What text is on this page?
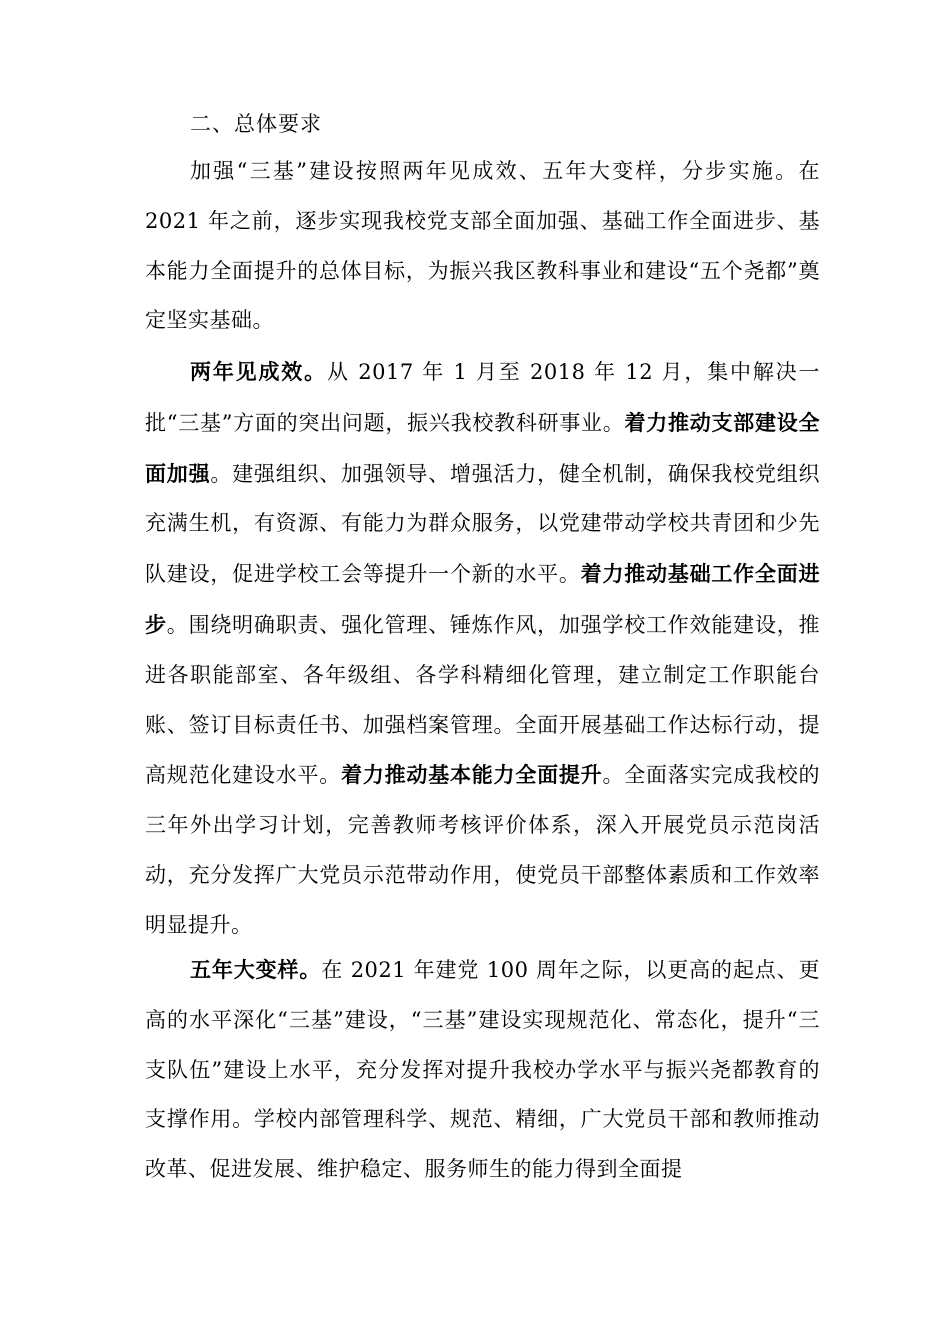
二、总体要求

加强“三基”建设按照两年见成效、五年大变样，分步实施。在2021 年之前，逐步实现我校党支部全面加强、基础工作全面进步、基本能力全面提升的总体目标，为振兴我区教科事业和建设“五个尧都”奠定坚实基础。

两年见成效。从 2017 年 1 月至 2018 年 12 月，集中解决一批“三基”方面的突出问题，振兴我校教科研事业。着力推动支部建设全面加强。建强组织、加强领导、增强活力，健全机制，确保我校党组织充满生机，有资源、有能力为群众服务，以党建带动学校共青团和少先队建设，促进学校工会等提升一个新的水平。着力推动基础工作全面进步。围绕明确职责、强化管理、锤炼作风，加强学校工作效能建设，推进各职能部室、各年级组、各学科精细化管理，建立制定工作职能台账、签订目标责任书、加强档案管理。全面开展基础工作达标行动，提高规范化建设水平。着力推动基本能力全面提升。全面落实完成我校的三年外出学习计划，完善教师考核评价体系，深入开展党员示范岗活动，充分发挥广大党员示范带动作用，使党员干部整体素质和工作效率明显提升。

五年大变样。在 2021 年建党 100 周年之际，以更高的起点、更高的水平深化“三基”建设，“三基”建设实现规范化、常态化，提升“三支队伍”建设上水平，充分发挥对提升我校办学水平与振兴尧都教育的支撑作用。学校内部管理科学、规范、精细，广大党员干部和教师推动改革、促进发展、维护稳定、服务师生的能力得到全面提
